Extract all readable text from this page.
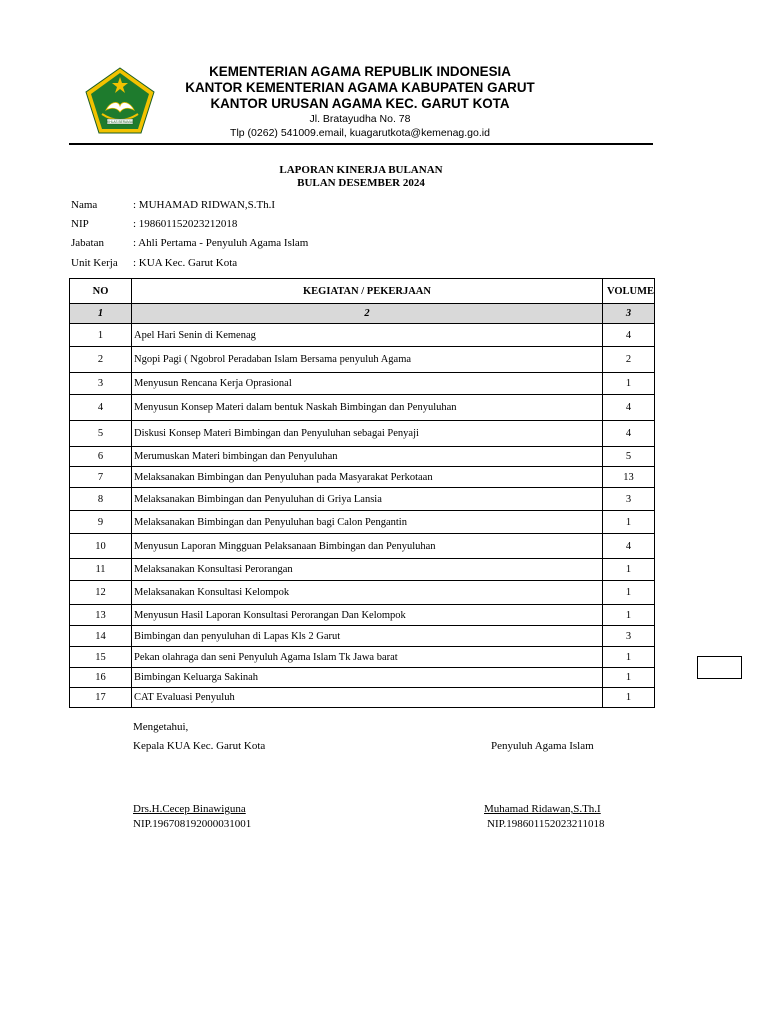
IKHLAS BERAMAL
KEMENTERIAN AGAMA REPUBLIK INDONESIA
KANTOR KEMENTERIAN AGAMA KABUPATEN GARUT
KANTOR URUSAN AGAMA KEC. GARUT KOTA
Jl. Bratayudha No. 78
Tlp (0262) 541009.email, kuagarutkota@kemenag.go.id
LAPORAN KINERJA BULANAN
BULAN DESEMBER 2024
Nama	: MUHAMAD RIDWAN,S.Th.I
NIP	: 198601152023212018
Jabatan	: Ahli Pertama - Penyuluh Agama Islam
Unit Kerja : KUA Kec. Garut Kota
NO	KEGIATAN / PEKERJAAN	VOLUME
1	2	3
1	Apel Hari Senin di Kemenag	4
2	Ngopi Pagi ( Ngobrol Peradaban Islam Bersama penyuluh Agama	2
3	Menyusun Rencana Kerja Oprasional	1
4	Menyusun Konsep Materi dalam bentuk Naskah Bimbingan dan Penyuluhan	4
5	Diskusi Konsep Materi Bimbingan dan Penyuluhan sebagai Penyaji	4
6	Merumuskan Materi bimbingan dan Penyuluhan	5
7	Melaksanakan Bimbingan dan Penyuluhan pada Masyarakat Perkotaan	13
8	Melaksanakan Bimbingan dan Penyuluhan di Griya Lansia	3
9	Melaksanakan Bimbingan dan Penyuluhan bagi Calon Pengantin	1
10	Menyusun Laporan Mingguan Pelaksanaan Bimbingan dan Penyuluhan	4
11	Melaksanakan Konsultasi Perorangan	1
12	Melaksanakan Konsultasi Kelompok	1
13	Menyusun Hasil Laporan Konsultasi Perorangan Dan Kelompok	1
14	Bimbingan dan penyuluhan di Lapas Kls 2 Garut	3
15	Pekan olahraga dan seni Penyuluh Agama Islam Tk Jawa barat	1
16	Bimbingan Keluarga Sakinah	1
17	CAT Evaluasi Penyuluh	1
Mengetahui,
Kepala KUA Kec. Garut Kota	Penyuluh Agama Islam
Drs.H.Cecep Binawiguna
NIP.196708192000031001
Muhamad Ridawan,S.Th.I
NIP.198601152023211018
